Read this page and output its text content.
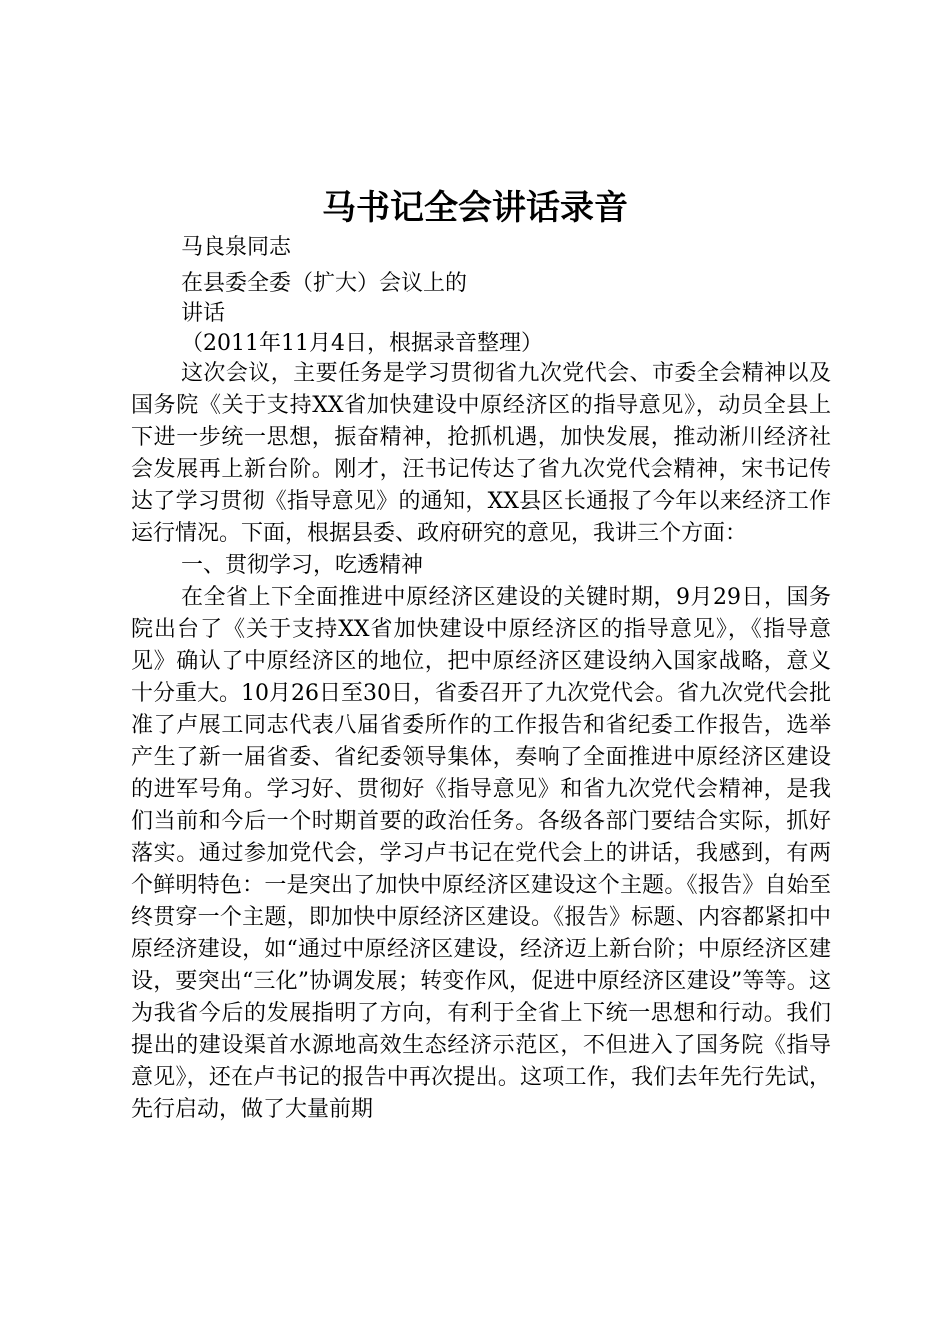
马书记全会讲话录音

马良泉同志

在县委全委（扩大）会议上的

讲话

（2011年11月4日，根据录音整理）

这次会议，主要任务是学习贯彻省九次党代会、市委全会精神以及国务院《关于支持XX省加快建设中原经济区的指导意见》，动员全县上下进一步统一思想，振奋精神，抢抓机遇，加快发展，推动淅川经济社会发展再上新台阶。刚才，汪书记传达了省九次党代会精神，宋书记传达了学习贯彻《指导意见》的通知，XX县区长通报了今年以来经济工作运行情况。下面，根据县委、政府研究的意见，我讲三个方面：

一、贯彻学习，吃透精神

在全省上下全面推进中原经济区建设的关键时期，9月29日，国务院出台了《关于支持XX省加快建设中原经济区的指导意见》，《指导意见》确认了中原经济区的地位，把中原经济区建设纳入国家战略，意义十分重大。10月26日至30日，省委召开了九次党代会。省九次党代会批准了卢展工同志代表八届省委所作的工作报告和省纪委工作报告，选举产生了新一届省委、省纪委领导集体，奏响了全面推进中原经济区建设的进军号角。学习好、贯彻好《指导意见》和省九次党代会精神，是我们当前和今后一个时期首要的政治任务。各级各部门要结合实际，抓好落实。通过参加党代会，学习卢书记在党代会上的讲话，我感到，有两个鲜明特色：一是突出了加快中原经济区建设这个主题。《报告》自始至终贯穿一个主题，即加快中原经济区建设。《报告》标题、内容都紧扣中原经济建设，如“通过中原经济区建设，经济迈上新台阶；中原经济区建设，要突出“三化”协调发展；转变作风，促进中原经济区建设”等等。这为我省今后的发展指明了方向，有利于全省上下统一思想和行动。我们提出的建设渠首水源地高效生态经济示范区，不但进入了国务院《指导意见》，还在卢书记的报告中再次提出。这项工作，我们去年先行先试，先行启动，做了大量前期
